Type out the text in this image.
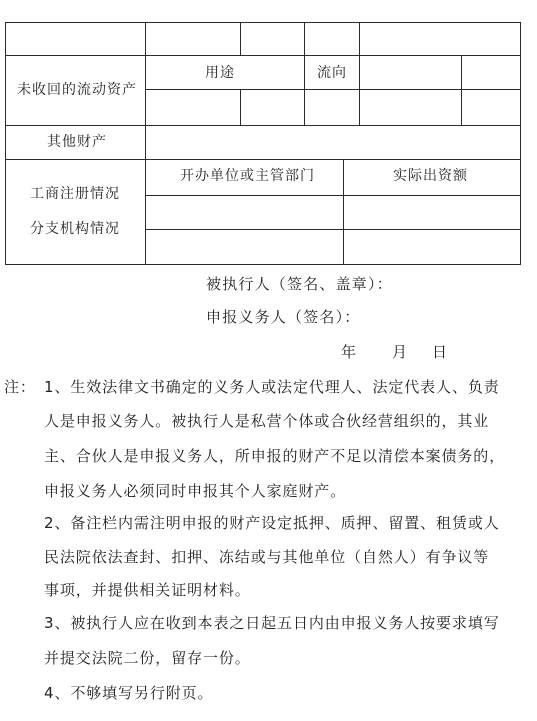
未收回的流动资产
用途	流向
其他财产
工商注册情况
分支机构情况
开办单位或主管部门	实际出资额
被执行人（签名、盖章）：
申报义务人（签名）：
年 月 日
注： 1、生效法律文书确定的义务人或法定代理人、法定代表人、负责
人是申报义务人。被执行人是私营个体或合伙经营组织的，其业
主、合伙人是申报义务人，所申报的财产不足以清偿本案债务的，
申报义务人必须同时申报其个人家庭财产。
2、备注栏内需注明申报的财产设定抵押、质押、留置、租赁或人
民法院依法查封、扣押、冻结或与其他单位（自然人）有争议等
事项，并提供相关证明材料。
3、被执行人应在收到本表之日起五日内由申报义务人按要求填写
并提交法院二份，留存一份。
4、不够填写另行附页。
